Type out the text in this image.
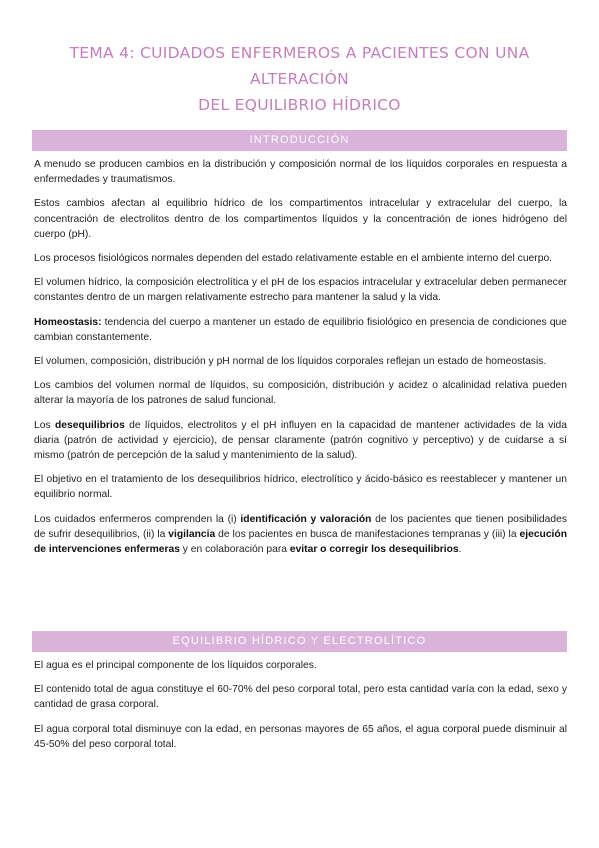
TEMA 4: CUIDADOS ENFERMEROS A PACIENTES CON UNA ALTERACIÓN
DEL EQUILIBRIO HÍDRICO
INTRODUCCIÓN

A menudo se producen cambios en la distribución y composición normal de los líquidos corporales en respuesta a enfermedades y traumatismos.

Estos cambios afectan al equilibrio hídrico de los compartimentos intracelular y extracelular del cuerpo, la concentración de electrolitos dentro de los compartimentos líquidos y la concentración de iones hidrógeno del cuerpo (pH).

Los procesos fisiológicos normales dependen del estado relativamente estable en el ambiente interno del cuerpo.

El volumen hídrico, la composición electrolítica y el pH de los espacios intracelular y extracelular deben permanecer constantes dentro de un margen relativamente estrecho para mantener la salud y la vida.

Homeostasis: tendencia del cuerpo a mantener un estado de equilibrio fisiológico en presencia de condiciones que cambian constantemente.

El volumen, composición, distribución y pH normal de los líquidos corporales reflejan un estado de homeostasis.

Los cambios del volumen normal de líquidos, su composición, distribución y acidez o alcalinidad relativa pueden alterar la mayoría de los patrones de salud funcional.

Los desequilibrios de líquidos, electrolitos y el pH influyen en la capacidad de mantener actividades de la vida diaria (patrón de actividad y ejercicio), de pensar claramente (patrón cognitivo y perceptivo) y de cuidarse a sí mismo (patrón de percepción de la salud y mantenimiento de la salud).

El objetivo en el tratamiento de los desequilibrios hídrico, electrolítico y ácido-básico es reestablecer y mantener un equilibrio normal.

Los cuidados enfermeros comprenden la (i) identificación y valoración de los pacientes que tienen posibilidades de sufrir desequilibrios, (ii) la vigilancia de los pacientes en busca de manifestaciones tempranas y (iii) la ejecución de intervenciones enfermeras y en colaboración para evitar o corregir los desequilibrios.

EQUILIBRIO HÍDRICO Y ELECTROLÍTICO

El agua es el principal componente de los líquidos corporales.

El contenido total de agua constituye el 60-70% del peso corporal total, pero esta cantidad varía con la edad, sexo y cantidad de grasa corporal.

El agua corporal total disminuye con la edad, en personas mayores de 65 años, el agua corporal puede disminuir al 45-50% del peso corporal total.
